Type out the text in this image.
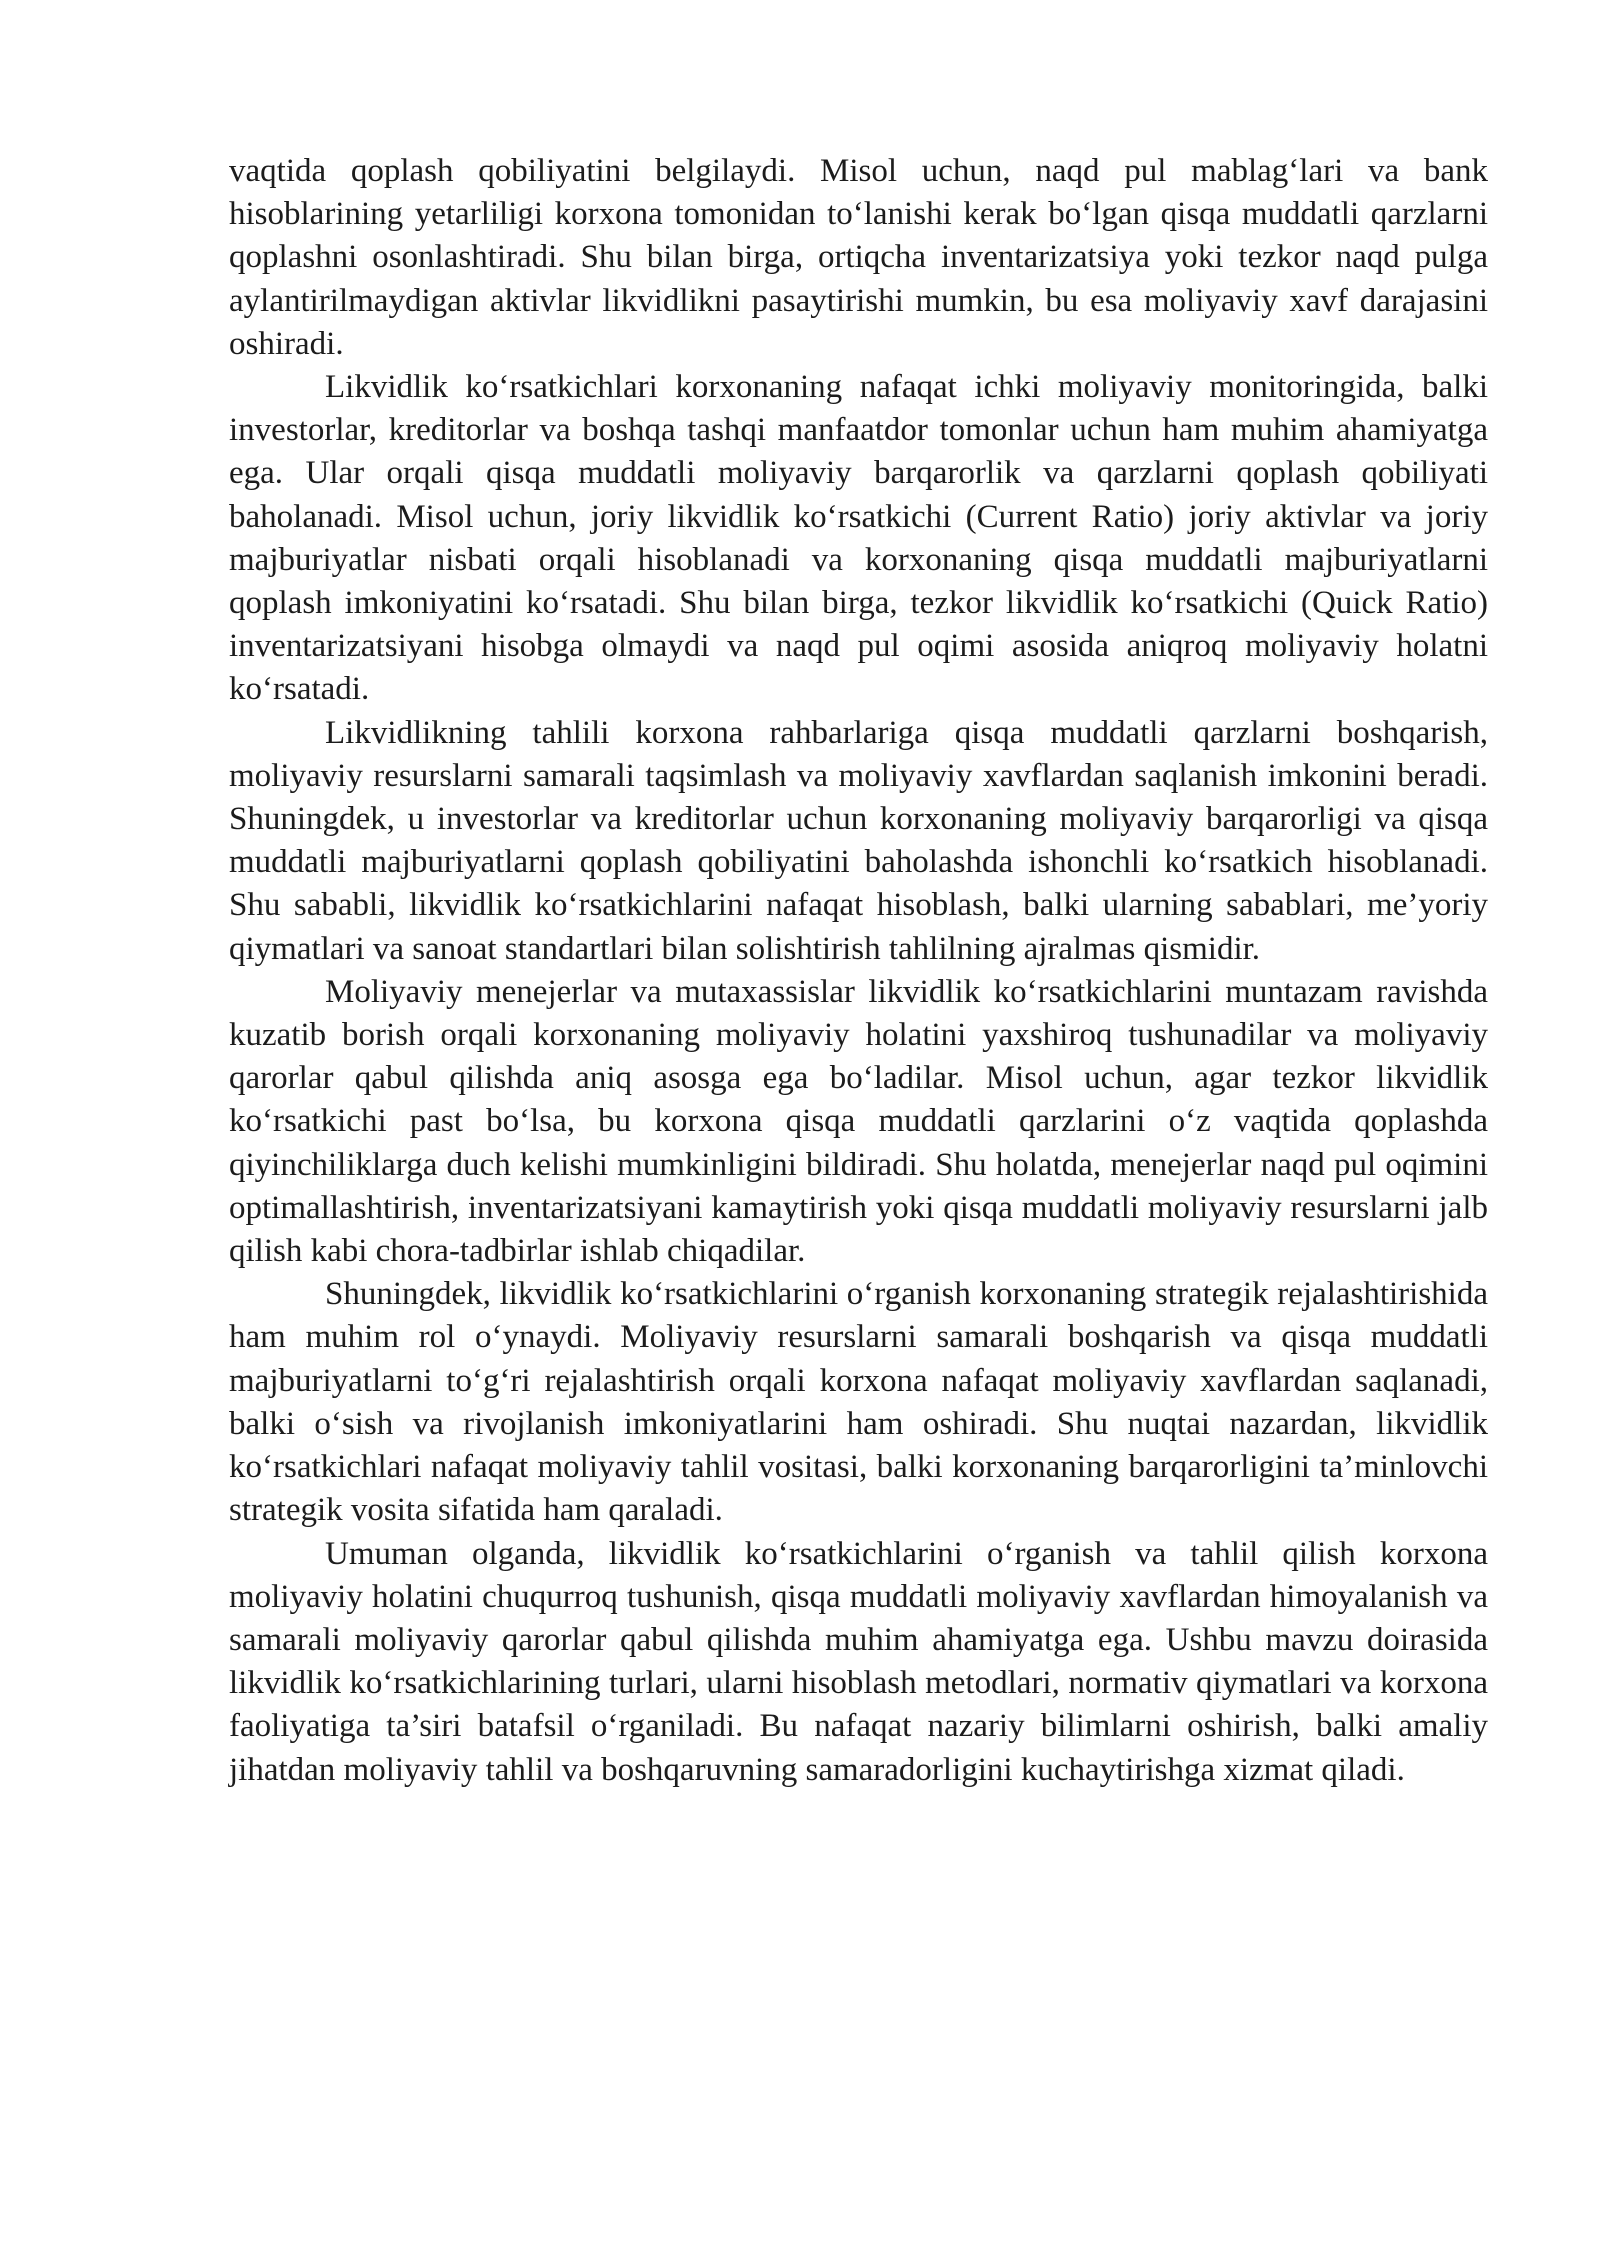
vaqtida qoplash qobiliyatini belgilaydi. Misol uchun, naqd pul mablag‘lari va bank hisoblarining yetarliligi korxona tomonidan to‘lanishi kerak bo‘lgan qisqa muddatli qarzlarni qoplashni osonlashtiradi. Shu bilan birga, ortiqcha inventarizatsiya yoki tezkor naqd pulga aylantirilmaydigan aktivlar likvidlikni pasaytirishi mumkin, bu esa moliyaviy xavf darajasini oshiradi.

Likvidlik ko‘rsatkichlari korxonaning nafaqat ichki moliyaviy monitoringida, balki investorlar, kreditorlar va boshqa tashqi manfaatdor tomonlar uchun ham muhim ahamiyatga ega. Ular orqali qisqa muddatli moliyaviy barqarorlik va qarzlarni qoplash qobiliyati baholanadi. Misol uchun, joriy likvidlik ko‘rsatkichi (Current Ratio) joriy aktivlar va joriy majburiyatlar nisbati orqali hisoblanadi va korxonaning qisqa muddatli majburiyatlarni qoplash imkoniyatini ko‘rsatadi. Shu bilan birga, tezkor likvidlik ko‘rsatkichi (Quick Ratio) inventarizatsiyani hisobga olmaydi va naqd pul oqimi asosida aniqroq moliyaviy holatni ko‘rsatadi.

Likvidlikning tahlili korxona rahbarlariga qisqa muddatli qarzlarni boshqarish, moliyaviy resurslarni samarali taqsimlash va moliyaviy xavflardan saqlanish imkonini beradi. Shuningdek, u investorlar va kreditorlar uchun korxonaning moliyaviy barqarorligi va qisqa muddatli majburiyatlarni qoplash qobiliyatini baholashda ishonchli ko‘rsatkich hisoblanadi. Shu sababli, likvidlik ko‘rsatkichlarini nafaqat hisoblash, balki ularning sabablari, me’yoriy qiymatlari va sanoat standartlari bilan solishtirish tahlilning ajralmas qismidir.

Moliyaviy menejerlar va mutaxassislar likvidlik ko‘rsatkichlarini muntazam ravishda kuzatib borish orqali korxonaning moliyaviy holatini yaxshiroq tushunadilar va moliyaviy qarorlar qabul qilishda aniq asosga ega bo‘ladilar. Misol uchun, agar tezkor likvidlik ko‘rsatkichi past bo‘lsa, bu korxona qisqa muddatli qarzlarini o‘z vaqtida qoplashda qiyinchiliklarga duch kelishi mumkinligini bildiradi. Shu holatda, menejerlar naqd pul oqimini optimallashtirish, inventarizatsiyani kamaytirish yoki qisqa muddatli moliyaviy resurslarni jalb qilish kabi chora-tadbirlar ishlab chiqadilar.

Shuningdek, likvidlik ko‘rsatkichlarini o‘rganish korxonaning strategik rejalashtirishida ham muhim rol o‘ynaydi. Moliyaviy resurslarni samarali boshqarish va qisqa muddatli majburiyatlarni to‘g‘ri rejalashtirish orqali korxona nafaqat moliyaviy xavflardan saqlanadi, balki o‘sish va rivojlanish imkoniyatlarini ham oshiradi. Shu nuqtai nazardan, likvidlik ko‘rsatkichlari nafaqat moliyaviy tahlil vositasi, balki korxonaning barqarorligini ta’minlovchi strategik vosita sifatida ham qaraladi.

Umuman olganda, likvidlik ko‘rsatkichlarini o‘rganish va tahlil qilish korxona moliyaviy holatini chuqurroq tushunish, qisqa muddatli moliyaviy xavflardan himoyalanish va samarali moliyaviy qarorlar qabul qilishda muhim ahamiyatga ega. Ushbu mavzu doirasida likvidlik ko‘rsatkichlarining turlari, ularni hisoblash metodlari, normativ qiymatlari va korxona faoliyatiga ta’siri batafsil o‘rganiladi. Bu nafaqat nazariy bilimlarni oshirish, balki amaliy jihatdan moliyaviy tahlil va boshqaruvning samaradorligini kuchaytirishga xizmat qiladi.
